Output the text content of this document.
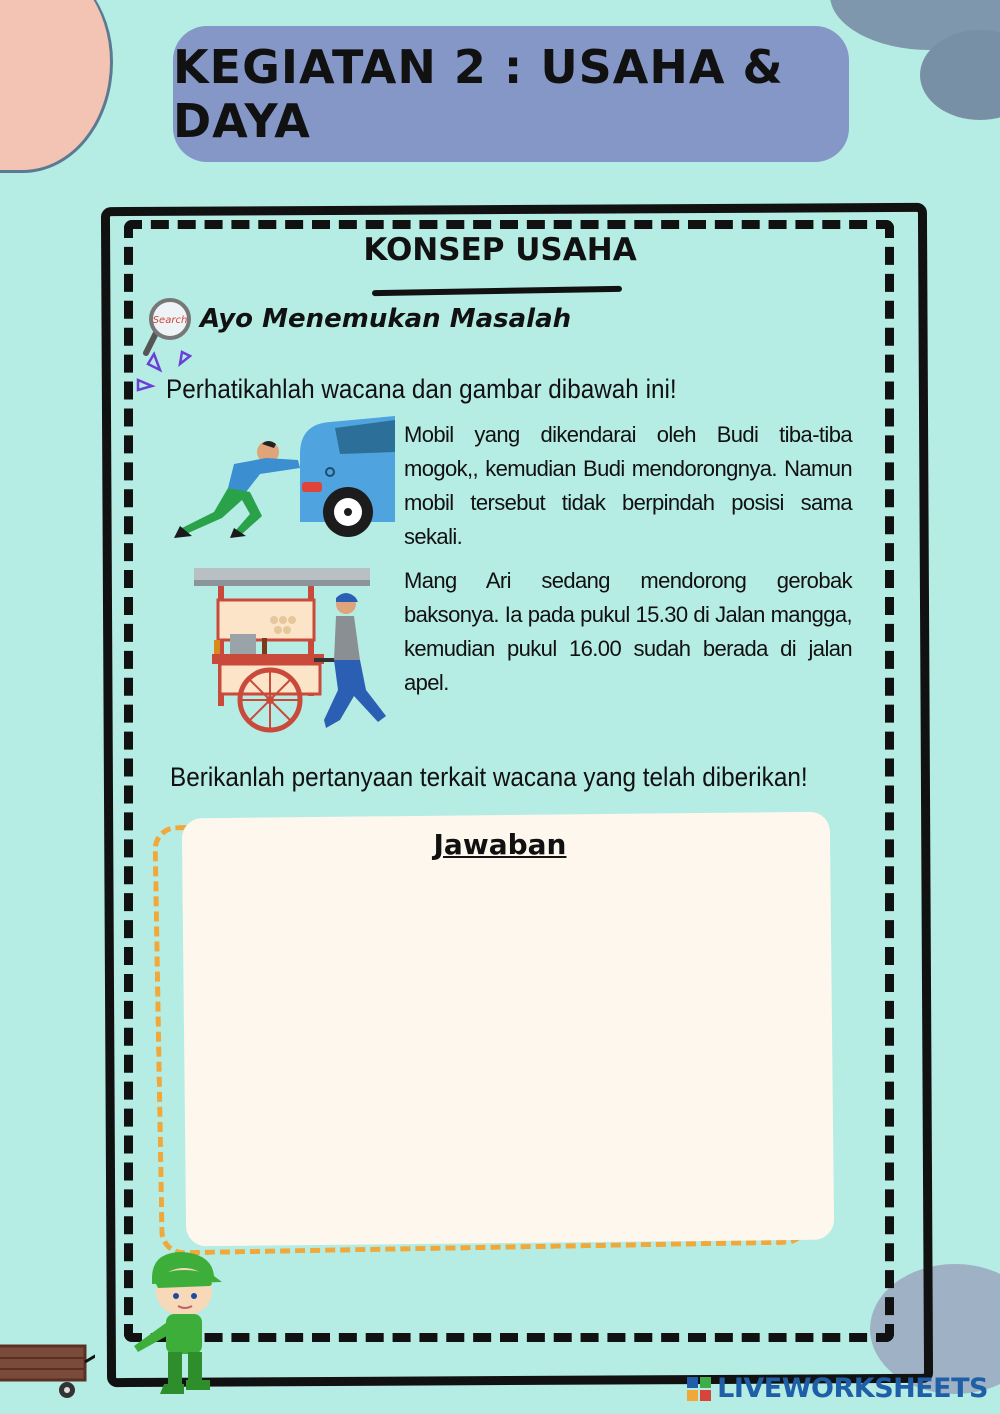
KEGIATAN 2 : USAHA & DAYA
KONSEP USAHA
Search Ayo Menemukan Masalah
Perhatikahlah wacana dan gambar dibawah ini!
Mobil yang dikendarai oleh Budi tiba-tiba mogok,, kemudian Budi mendorongnya. Namun mobil tersebut tidak berpindah posisi sama sekali.
Mang Ari sedang mendorong gerobak baksonya. Ia pada pukul 15.30 di Jalan mangga, kemudian pukul 16.00 sudah berada di jalan apel.
Berikanlah pertanyaan terkait wacana yang telah diberikan!
Jawaban
LIVEWORKSHEETS
